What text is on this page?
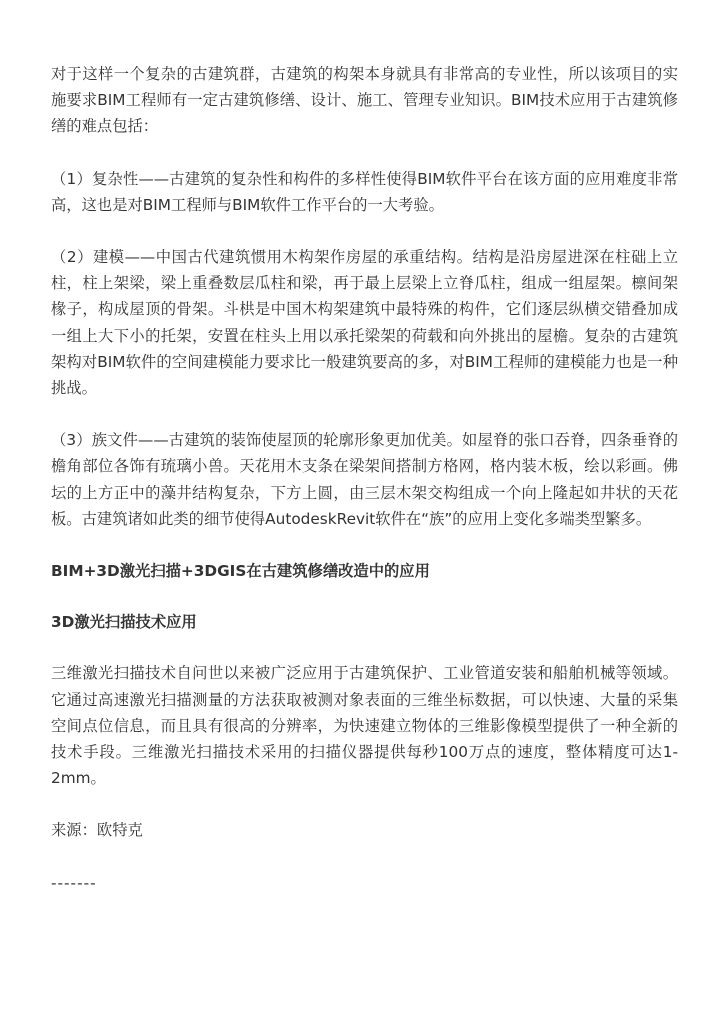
对于这样一个复杂的古建筑群，古建筑的构架本身就具有非常高的专业性，所以该项目的实施要求BIM工程师有一定古建筑修缮、设计、施工、管理专业知识。BIM技术应用于古建筑修缮的难点包括：

（1）复杂性——古建筑的复杂性和构件的多样性使得BIM软件平台在该方面的应用难度非常高，这也是对BIM工程师与BIM软件工作平台的一大考验。

（2）建模——中国古代建筑惯用木构架作房屋的承重结构。结构是沿房屋进深在柱础上立柱，柱上架梁，梁上重叠数层瓜柱和梁，再于最上层梁上立脊瓜柱，组成一组屋架。檩间架椽子，构成屋顶的骨架。斗栱是中国木构架建筑中最特殊的构件，它们逐层纵横交错叠加成一组上大下小的托架，安置在柱头上用以承托梁架的荷载和向外挑出的屋檐。复杂的古建筑架构对BIM软件的空间建模能力要求比一般建筑要高的多，对BIM工程师的建模能力也是一种挑战。

（3）族文件——古建筑的装饰使屋顶的轮廓形象更加优美。如屋脊的张口吞脊，四条垂脊的檐角部位各饰有琉璃小兽。天花用木支条在梁架间搭制方格网，格内装木板，绘以彩画。佛坛的上方正中的藻井结构复杂，下方上圆，由三层木架交构组成一个向上隆起如井状的天花板。古建筑诸如此类的细节使得AutodeskRevit软件在“族”的应用上变化多端类型繁多。

BIM+3D激光扫描+3DGIS在古建筑修缮改造中的应用

3D激光扫描技术应用

三维激光扫描技术自问世以来被广泛应用于古建筑保护、工业管道安装和船舶机械等领域。它通过高速激光扫描测量的方法获取被测对象表面的三维坐标数据，可以快速、大量的采集空间点位信息，而且具有很高的分辨率，为快速建立物体的三维影像模型提供了一种全新的技术手段。三维激光扫描技术采用的扫描仪器提供每秒100万点的速度，整体精度可达1-2mm。

来源：欧特克

-------
